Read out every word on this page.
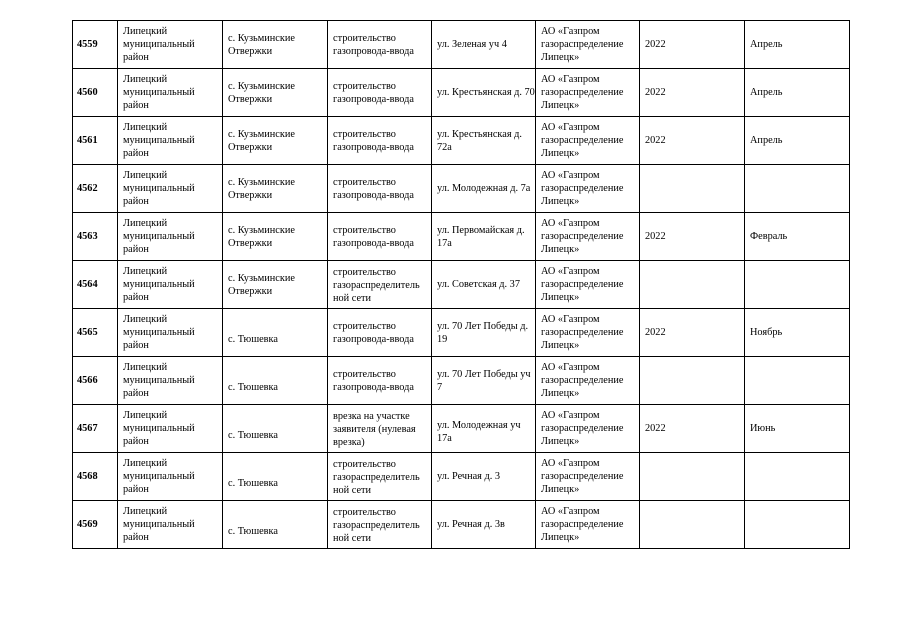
4559	Липецкий муниципальный район	с. Кузьминские Отвержки	строительство газопровода-ввода	ул. Зеленая уч 4	АО «Газпром газораспределение Липецк»	2022	Апрель
4560	Липецкий муниципальный район	с. Кузьминские Отвержки	строительство газопровода-ввода	ул. Крестьянская д. 70	АО «Газпром газораспределение Липецк»	2022	Апрель
4561	Липецкий муниципальный район	с. Кузьминские Отвержки	строительство газопровода-ввода	ул. Крестьянская д. 72а	АО «Газпром газораспределение Липецк»	2022	Апрель
4562	Липецкий муниципальный район	с. Кузьминские Отвержки	строительство газопровода-ввода	ул. Молодежная д. 7а	АО «Газпром газораспределение Липецк»		
4563	Липецкий муниципальный район	с. Кузьминские Отвержки	строительство газопровода-ввода	ул. Первомайская д. 17а	АО «Газпром газораспределение Липецк»	2022	Февраль
4564	Липецкий муниципальный район	с. Кузьминские Отвержки	строительство газораспределитель ной сети	ул. Советская д. 37	АО «Газпром газораспределение Липецк»		
4565	Липецкий муниципальный район	с. Тюшевка	строительство газопровода-ввода	ул. 70 Лет Победы д. 19	АО «Газпром газораспределение Липецк»	2022	Ноябрь
4566	Липецкий муниципальный район	с. Тюшевка	строительство газопровода-ввода	ул. 70 Лет Победы уч 7	АО «Газпром газораспределение Липецк»		
4567	Липецкий муниципальный район	с. Тюшевка	врезка на участке заявителя (нулевая врезка)	ул. Молодежная уч 17а	АО «Газпром газораспределение Липецк»	2022	Июнь
4568	Липецкий муниципальный район	с. Тюшевка	строительство газораспределитель ной сети	ул. Речная д. 3	АО «Газпром газораспределение Липецк»		
4569	Липецкий муниципальный район	с. Тюшевка	строительство газораспределитель ной сети	ул. Речная д. 3в	АО «Газпром газораспределение Липецк»		
